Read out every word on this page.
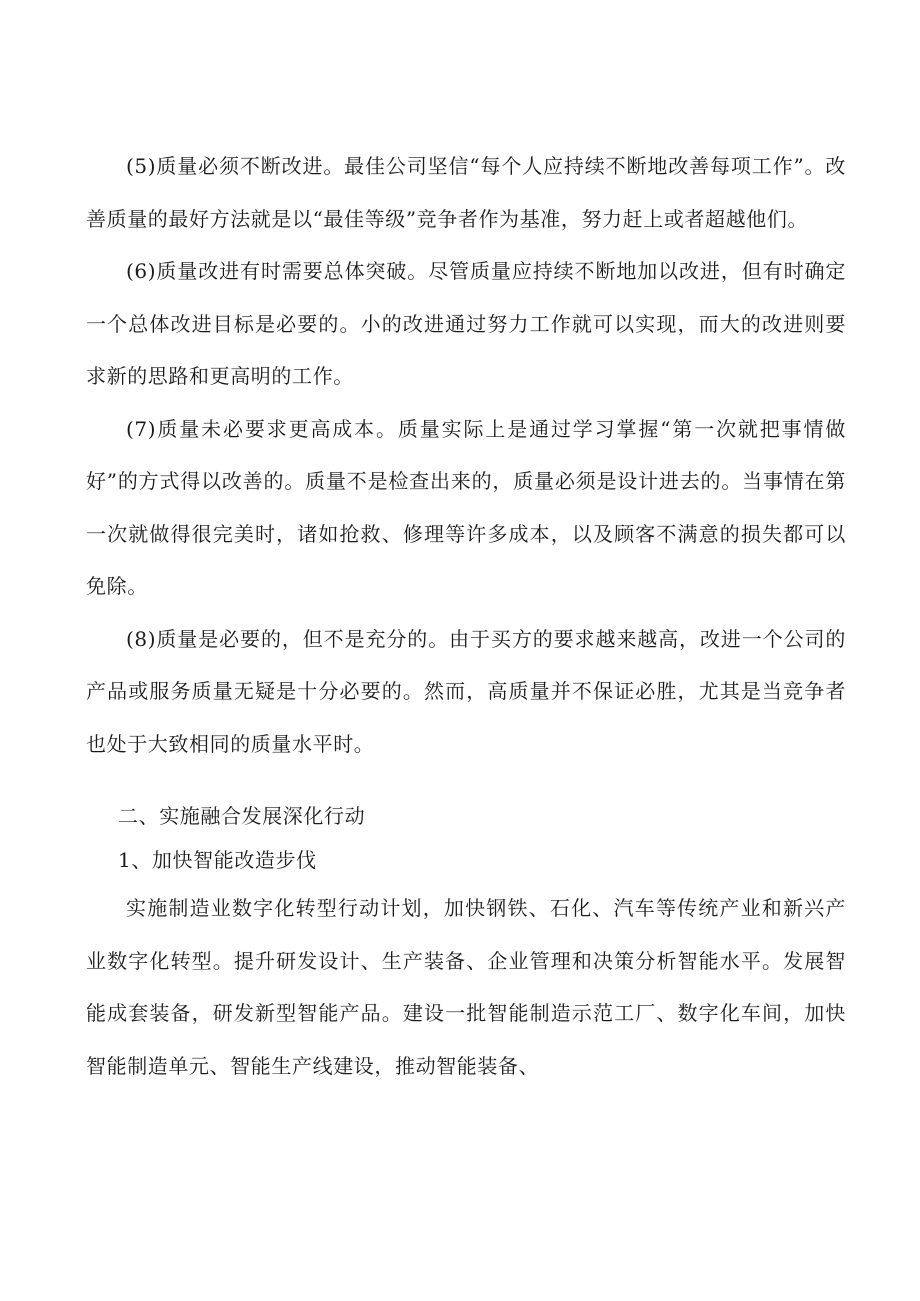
(5)质量必须不断改进。最佳公司坚信“每个人应持续不断地改善每项工作”。改善质量的最好方法就是以“最佳等级”竞争者作为基准，努力赶上或者超越他们。

(6)质量改进有时需要总体突破。尽管质量应持续不断地加以改进，但有时确定一个总体改进目标是必要的。小的改进通过努力工作就可以实现，而大的改进则要求新的思路和更高明的工作。

(7)质量未必要求更高成本。质量实际上是通过学习掌握“第一次就把事情做好”的方式得以改善的。质量不是检查出来的，质量必须是设计进去的。当事情在第一次就做得很完美时，诸如抢救、修理等许多成本，以及顾客不满意的损失都可以免除。

(8)质量是必要的，但不是充分的。由于买方的要求越来越高，改进一个公司的产品或服务质量无疑是十分必要的。然而，高质量并不保证必胜，尤其是当竞争者也处于大致相同的质量水平时。

二、实施融合发展深化行动

1、加快智能改造步伐

实施制造业数字化转型行动计划，加快钢铁、石化、汽车等传统产业和新兴产业数字化转型。提升研发设计、生产装备、企业管理和决策分析智能水平。发展智能成套装备，研发新型智能产品。建设一批智能制造示范工厂、数字化车间，加快智能制造单元、智能生产线建设，推动智能装备、
